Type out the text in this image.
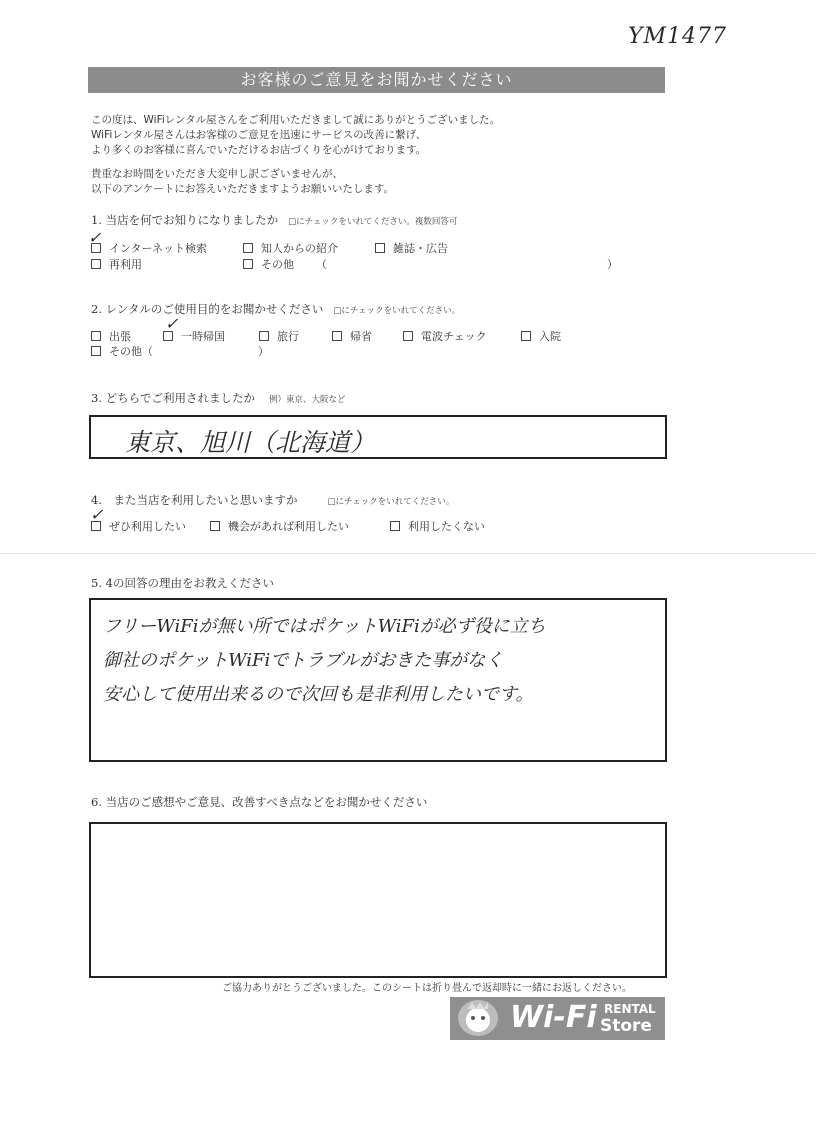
YM1477
お客様のご意見をお聞かせください
この度は、WiFiレンタル屋さんをご利用いただきまして誠にありがとうございました。
WiFiレンタル屋さんはお客様のご意見を迅速にサービスの改善に繋げ、
より多くのお客様に喜んでいただけるお店づくりを心がけております。
貴重なお時間をいただき大変申し訳ございませんが、
以下のアンケートにお答えいただきますようお願いいたします。
1. 当店を何でお知りになりましたか □にチェックをいれてください。複数回答可
インターネット検索
✓
知人からの紹介	雑誌・広告
再利用	その他 （	）
2. レンタルのご使用目的をお聞かせください □にチェックをいれてください。
出張	一時帰国
✓
旅行	帰省	電波チェック	入院
その他（	）
3. どちらでご利用されましたか 例）東京、大阪など
東京、旭川（北海道）
4.　また当店を利用したいと思いますか	□にチェックをいれてください。
ぜひ利用したい
✓
機会があれば利用したい	利用したくない
5. 4の回答の理由をお教えください
フリーWiFiが無い所ではポケットWiFiが必ず役に立ち
御社のポケットWiFiでトラブルがおきた事がなく
安心して使用出来るので次回も是非利用したいです。
6. 当店のご感想やご意見、改善すべき点などをお聞かせください
ご協力ありがとうございました。このシートは折り畳んで返却時に一緒にお返しください。
Wi-Fi RENTAL
Store
